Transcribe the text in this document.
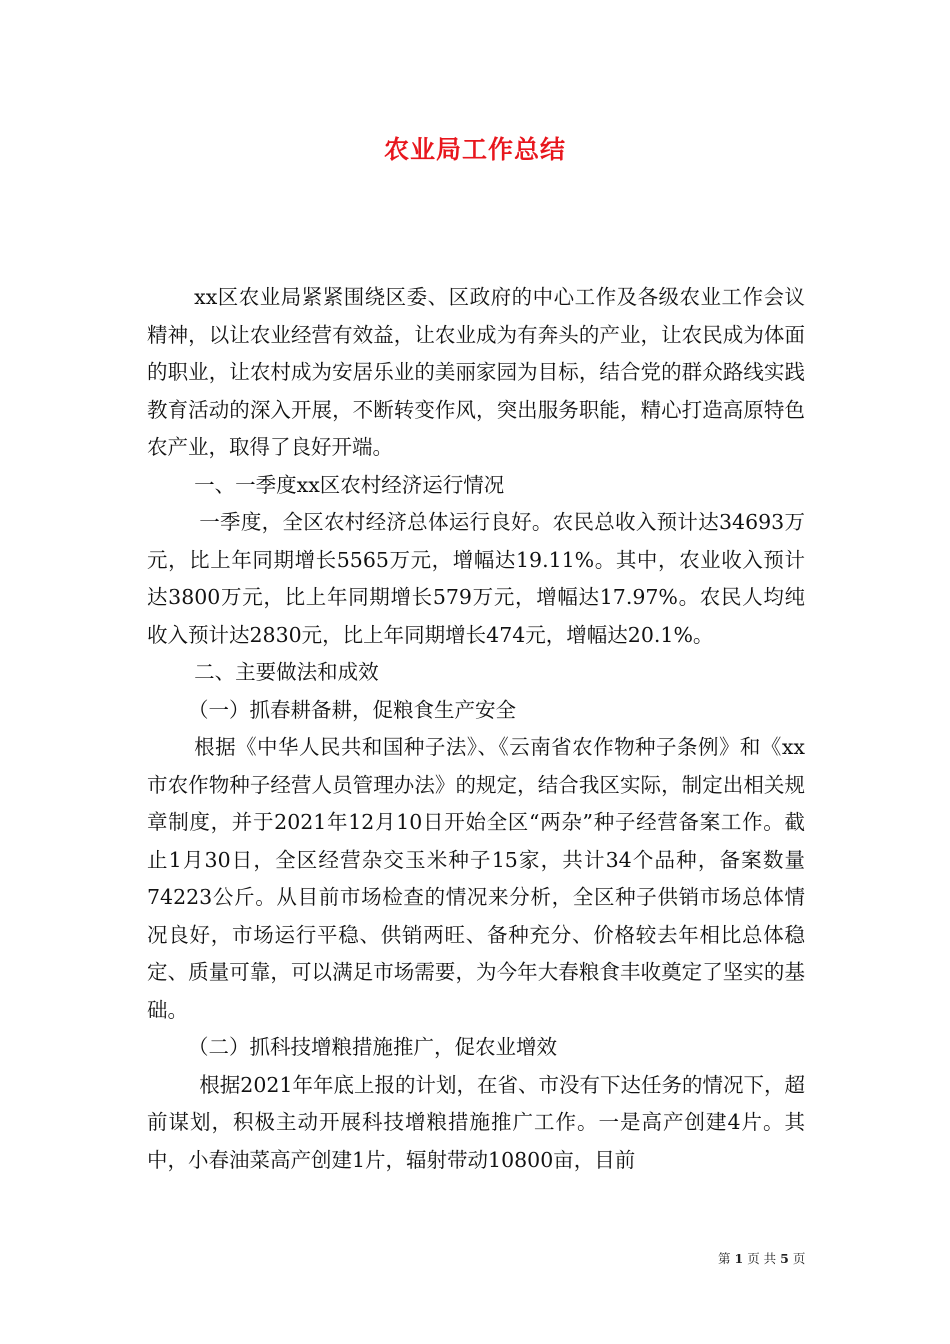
农业局工作总结

xx区农业局紧紧围绕区委、区政府的中心工作及各级农业工作会议精神，以让农业经营有效益，让农业成为有奔头的产业，让农民成为体面的职业，让农村成为安居乐业的美丽家园为目标，结合党的群众路线实践教育活动的深入开展，不断转变作风，突出服务职能，精心打造高原特色农产业，取得了良好开端。

一、一季度xx区农村经济运行情况

一季度，全区农村经济总体运行良好。农民总收入预计达34693万元，比上年同期增长5565万元，增幅达19.11%。其中，农业收入预计达3800万元，比上年同期增长579万元，增幅达17.97%。农民人均纯收入预计达2830元，比上年同期增长474元，增幅达20.1%。

二、主要做法和成效

（一）抓春耕备耕，促粮食生产安全

根据《中华人民共和国种子法》、《云南省农作物种子条例》和《xx市农作物种子经营人员管理办法》的规定，结合我区实际，制定出相关规章制度，并于2021年12月10日开始全区“两杂”种子经营备案工作。截止1月30日，全区经营杂交玉米种子15家，共计34个品种，备案数量74223公斤。从目前市场检查的情况来分析，全区种子供销市场总体情况良好，市场运行平稳、供销两旺、备种充分、价格较去年相比总体稳定、质量可靠，可以满足市场需要，为今年大春粮食丰收奠定了坚实的基础。

（二）抓科技增粮措施推广，促农业增效

根据2021年年底上报的计划，在省、市没有下达任务的情况下，超前谋划，积极主动开展科技增粮措施推广工作。一是高产创建4片。其中，小春油菜高产创建1片，辐射带动10800亩，目前

第 1 页 共 5 页
